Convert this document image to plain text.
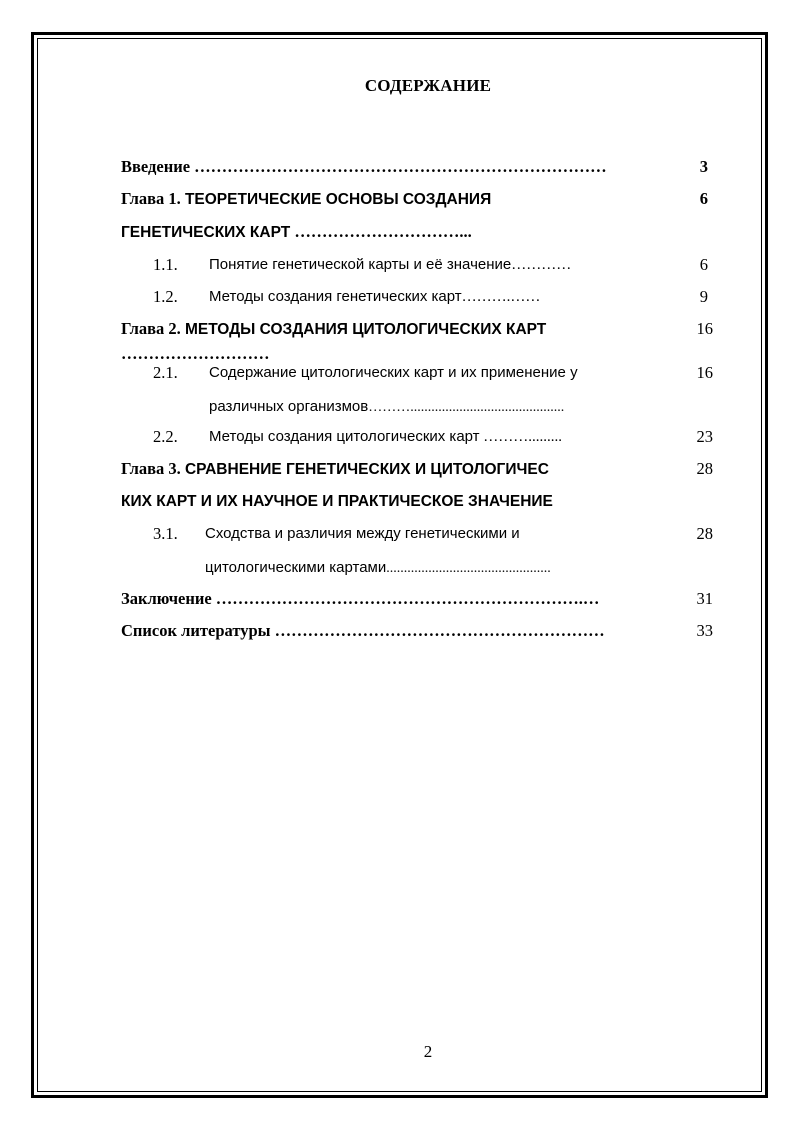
СОДЕРЖАНИЕ
Введение …………………………………………………………………	3
Глава 1. ТЕОРЕТИЧЕСКИЕ ОСНОВЫ СОЗДАНИЯ	6
ГЕНЕТИЧЕСКИХ КАРТ …………………………...
1.1. Понятие генетической карты и её значение…………	6
1.2. Методы создания генетических карт……….……	9
Глава 2. МЕТОДЫ СОЗДАНИЯ ЦИТОЛОГИЧЕСКИХ КАРТ	16
………………………
2.1. Содержание цитологических карт и их применение у	16
различных организмов………............................................
2.2. Методы создания цитологических карт ……….........	23
Глава 3. СРАВНЕНИЕ ГЕНЕТИЧЕСКИХ И ЦИТОЛОГИЧЕС	28
КИХ КАРТ И ИХ НАУЧНОЕ И ПРАКТИЧЕСКОЕ ЗНАЧЕНИЕ
3.1. Сходства и различия между генетическими и	28
цитологическими картами...............................................
Заключение ………………………………………………………….…	31
Список литературы ……………………………………………………	33
2
